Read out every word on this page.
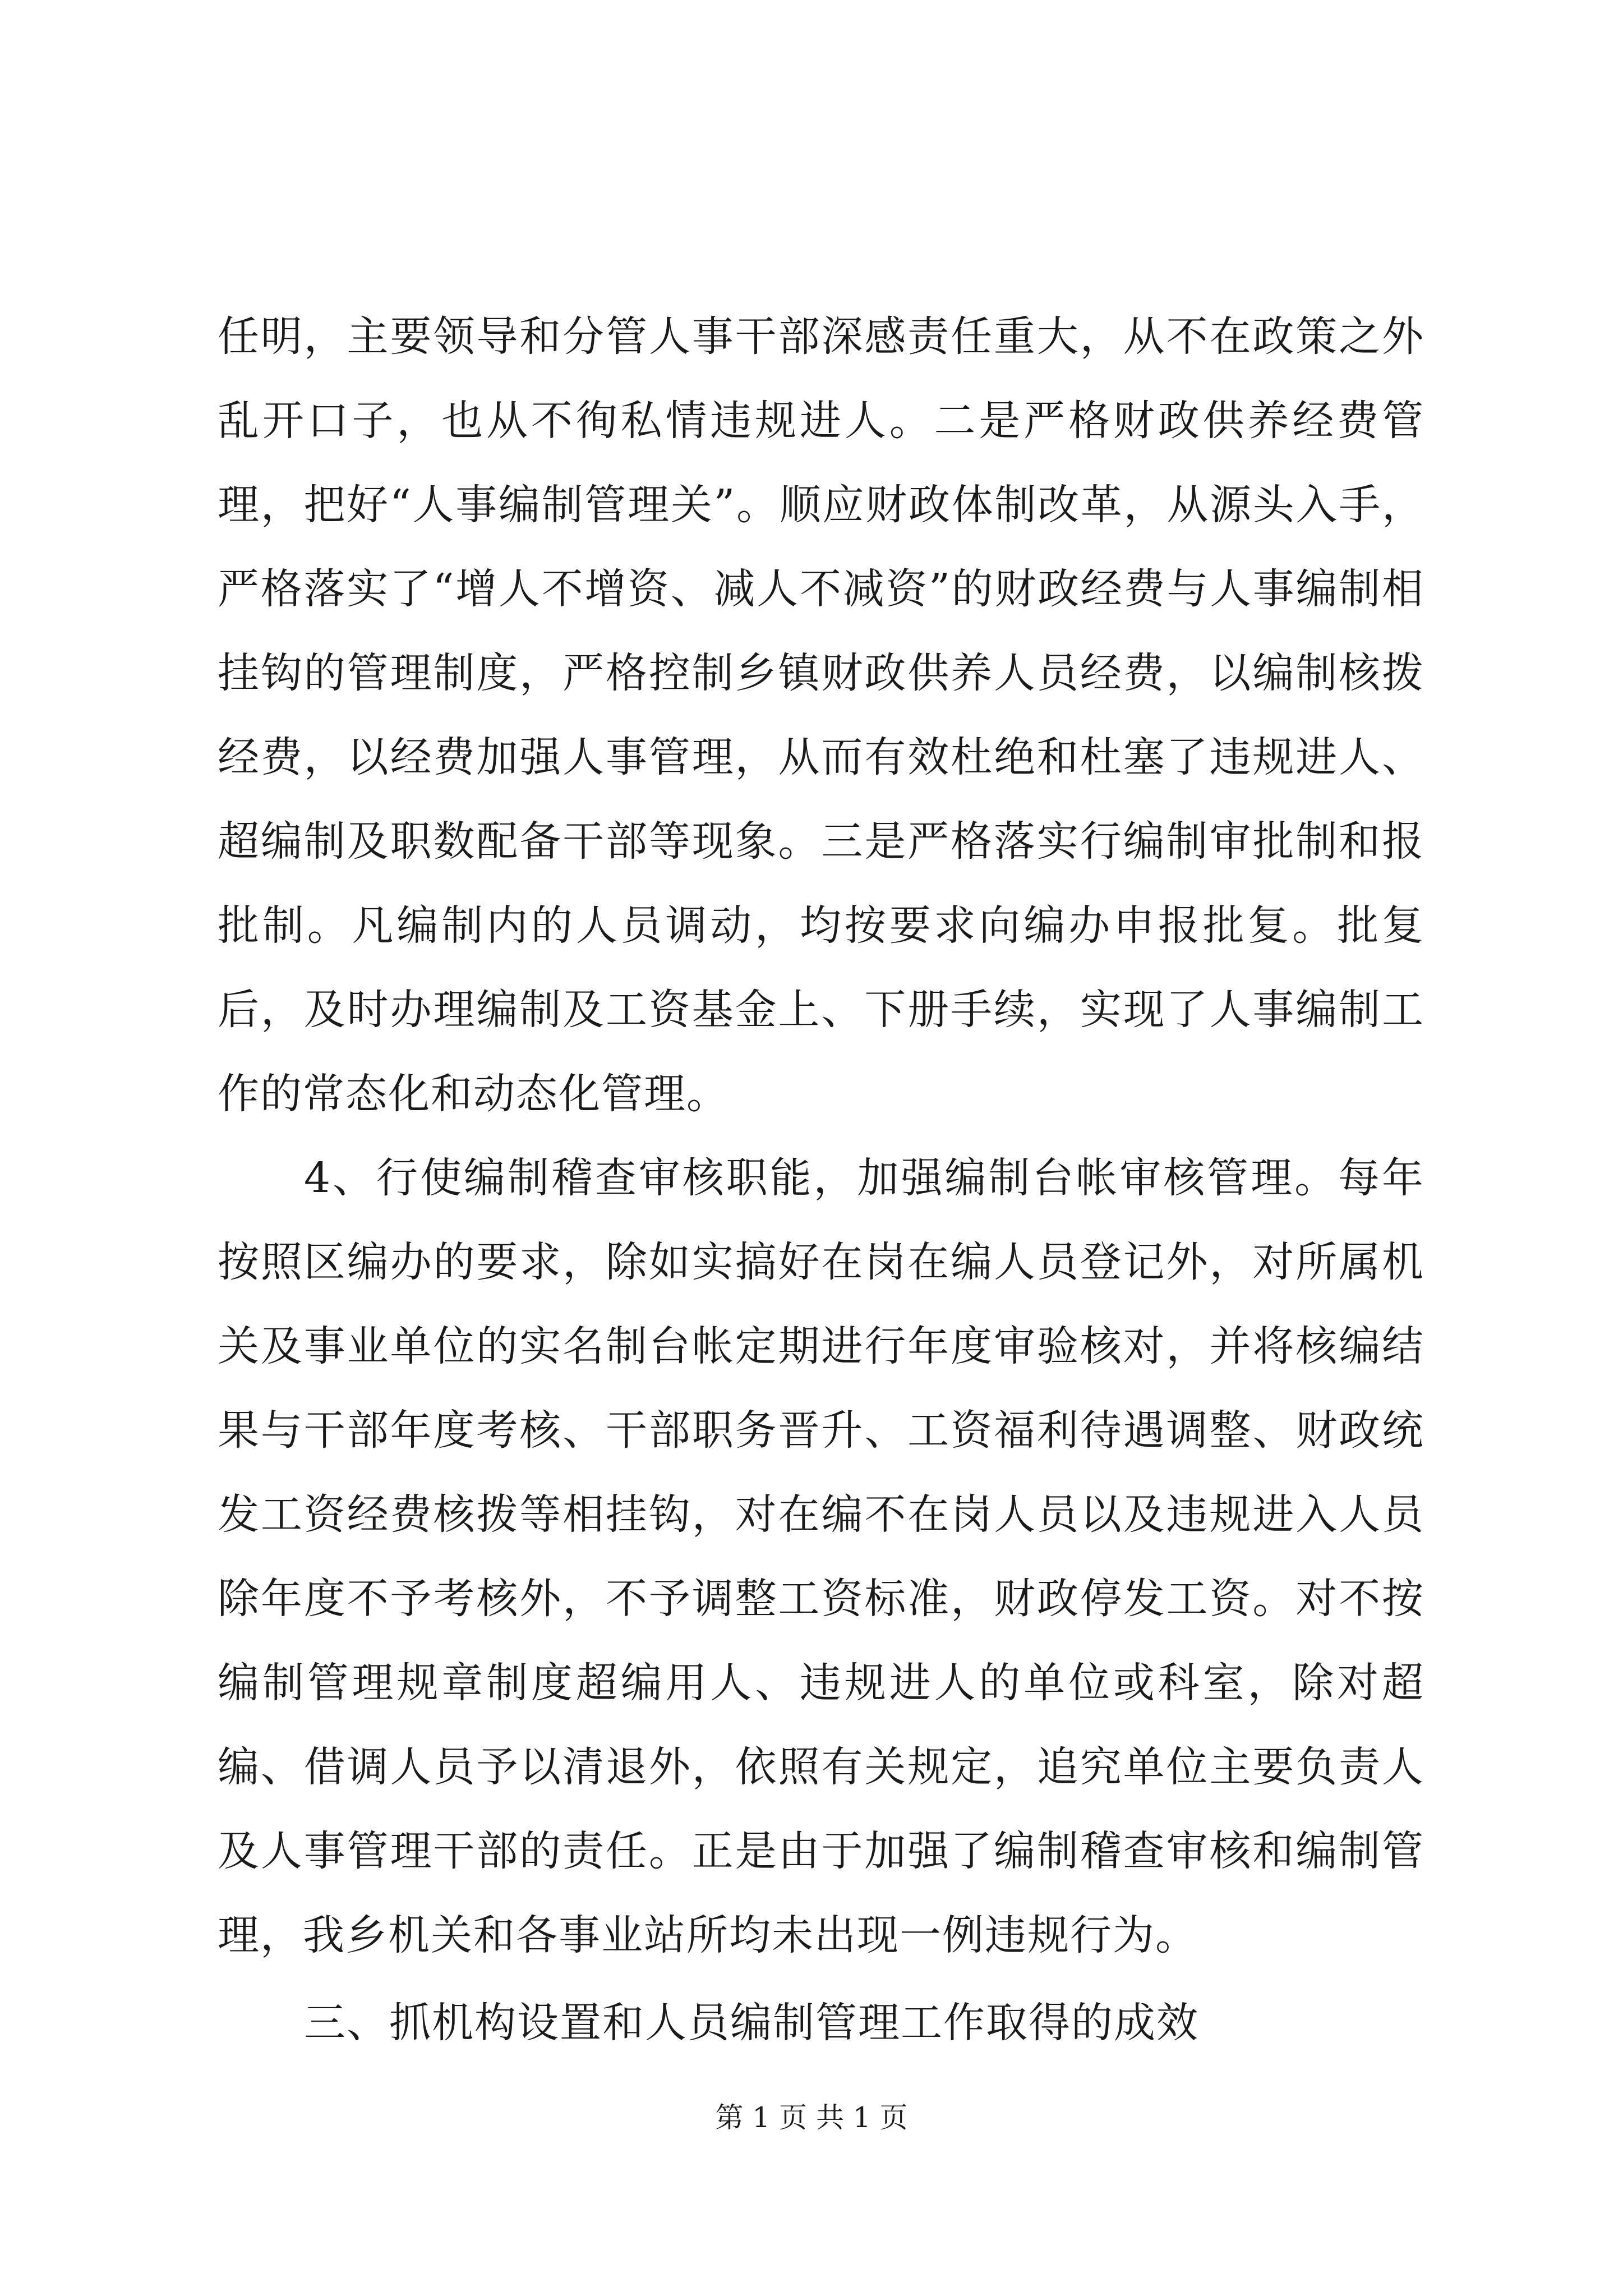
任明，主要领导和分管人事干部深感责任重大，从不在政策之外乱开口子，也从不徇私情违规进人。二是严格财政供养经费管理，把好“人事编制管理关”。顺应财政体制改革，从源头入手，严格落实了“增人不增资、减人不减资”的财政经费与人事编制相挂钩的管理制度，严格控制乡镇财政供养人员经费，以编制核拨经费，以经费加强人事管理，从而有效杜绝和杜塞了违规进人、超编制及职数配备干部等现象。三是严格落实行编制审批制和报批制。凡编制内的人员调动，均按要求向编办申报批复。批复后，及时办理编制及工资基金上、下册手续，实现了人事编制工作的常态化和动态化管理。

4、行使编制稽查审核职能，加强编制台帐审核管理。每年按照区编办的要求，除如实搞好在岗在编人员登记外，对所属机关及事业单位的实名制台帐定期进行年度审验核对，并将核编结果与干部年度考核、干部职务晋升、工资福利待遇调整、财政统发工资经费核拨等相挂钩，对在编不在岗人员以及违规进入人员除年度不予考核外，不予调整工资标准，财政停发工资。对不按编制管理规章制度超编用人、违规进人的单位或科室，除对超编、借调人员予以清退外，依照有关规定，追究单位主要负责人及人事管理干部的责任。正是由于加强了编制稽查审核和编制管理，我乡机关和各事业站所均未出现一例违规行为。

三、抓机构设置和人员编制管理工作取得的成效

第 1 页 共 1 页
